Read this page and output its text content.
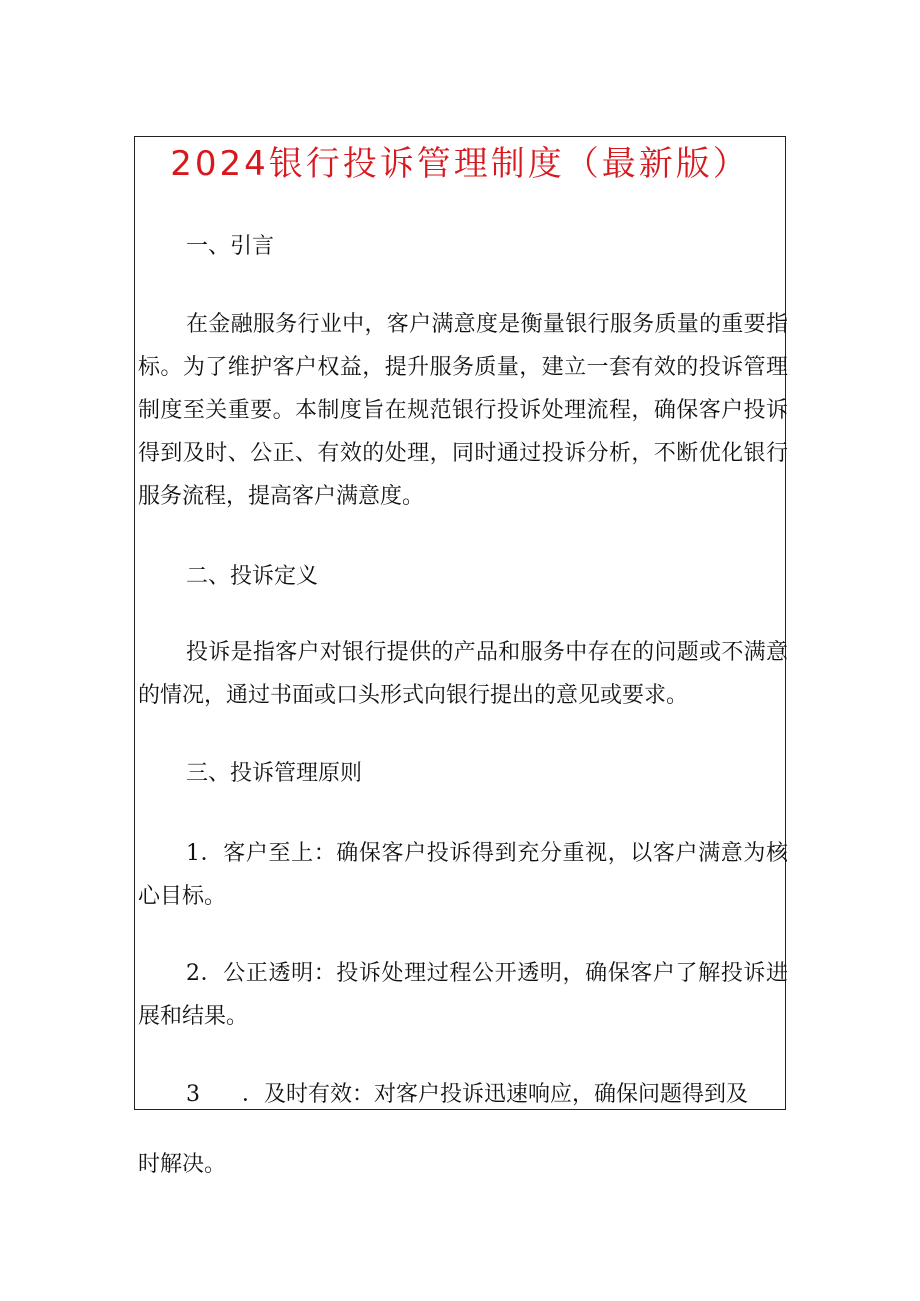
2024银行投诉管理制度（最新版）

一、引言

在金融服务行业中，客户满意度是衡量银行服务质量的重要指标。为了维护客户权益，提升服务质量，建立一套有效的投诉管理制度至关重要。本制度旨在规范银行投诉处理流程，确保客户投诉得到及时、公正、有效的处理，同时通过投诉分析，不断优化银行服务流程，提高客户满意度。

二、投诉定义

投诉是指客户对银行提供的产品和服务中存在的问题或不满意的情况，通过书面或口头形式向银行提出的意见或要求。

三、投诉管理原则

1．客户至上：确保客户投诉得到充分重视，以客户满意为核心目标。

2．公正透明：投诉处理过程公开透明，确保客户了解投诉进展和结果。

3 ．及时有效：对客户投诉迅速响应，确保问题得到及
时解决。
